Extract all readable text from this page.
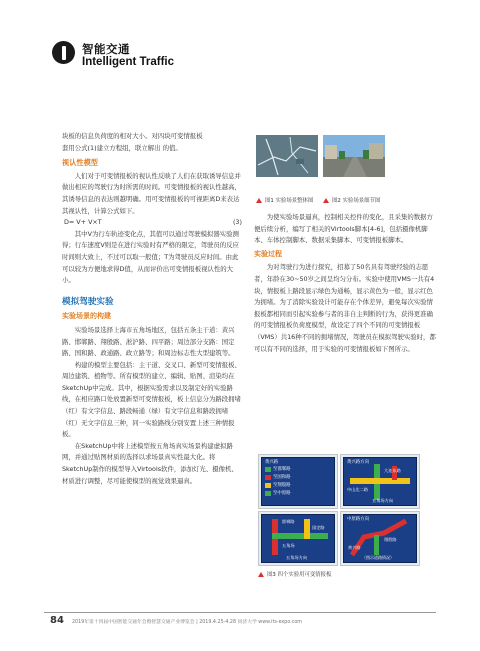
智能交通
Intelligent Traffic

块板的信息负荷度的相对大小。对四块可变情报板
套用公式(1)建立方程组，联立解出 的值。

视认性模型

人们对于可变情报板的视认性反映了人们在获取诱导信息并做出相应的驾驶行为时所需的时间。可变情报板的视认性越高，其诱导信息的表达则越明确。用可变情报板的可视距离D来表达其视认性，计算公式如下。

D= V+ V×T	(3)

其中V为行车轨迹变化点，其值可以通过驾驶模拟器实验测得；行车速度V则是在进行实验时有严格的限定，驾驶员的反应时间则大致上，不过可以取一般值；T为驾驶员反应时间。由此可以较为方便地求得D值，从而评价出可变情报板视认性的大小。

模拟驾驶实验
实验场景的构建

实验场景选择上海市五角场地区，包括五条主干道：黄兴路、邯郸路、翔殷路、淞沪路、四平路；周边部分支路：国定路、国和路、政通路、政立路等；和周边标志性大型建筑等。

构建的模型主要包括：主干道、交叉口、新型可变情报板、周边建筑、植物等。所有模型的建立、编辑、贴图、渲染均在SketchUp中完成。其中，根据实验需求以及制定好的实验路线，在相应路口处放置新型可变情报板，板上信息分为路段拥堵（红）有文字信息、路段畅通（绿）有文字信息和路段拥堵（红）无文字信息三种，同一实验路线分别安置上述三种情报板。

在SketchUp中将上述模型按五角场真实场景构建虚拟路网，并通过贴图材质的选择以求场景真实性最大化。将SketchUp制作的模型导入Virtools软件，添加灯光、摄像机、材质进行调整，尽可能使模型的视觉效果逼真。

图1 实验场景整体图	图2 实验场景细节图

为使实验场景逼真，控制相关控件的变化，且采集的数据方便后续分析，编写了相关的Virtools脚本[4-6]，包括摄像机脚本、车体控制脚本、数据采集脚本、可变情报板脚本。

实验过程

为对驾驶行为进行探究，招募了50名具有驾驶经验的志愿者，年龄在30~50岁之间呈均匀分布。实验中使用VMS一共有4块，情报板上路段显示绿色为通畅，显示黄色为一般，显示红色为拥堵。为了消除实验设计可能存在个体差异，避免每次实验情报板都相同而引起实验参与者的非自主判断的行为，获得更准确的可变情报板负荷度模型，故设定了四个不同的可变情报板（VMS）共16种不同的拥堵情况，驾驶员在模拟驾驶实验时，都可以有不同的选择，用于实验的可变情报板如下图所示。

黄兴路
至邯郸路
至国和路
至翔殷路
至中原路
黄兴路方向
大连东路
中山北二路
五角场方向
邯郸路
国定路
五角场
五角场方向
中原路方向
翔殷路
黄兴路
（图示道路情况）
图3 四个实验用可变情报板
84 2019年第十四届中国智能交通年会暨智慧交通产业博览会 | 2019.4.25-4.28 同济大学 www.its-expo.com
